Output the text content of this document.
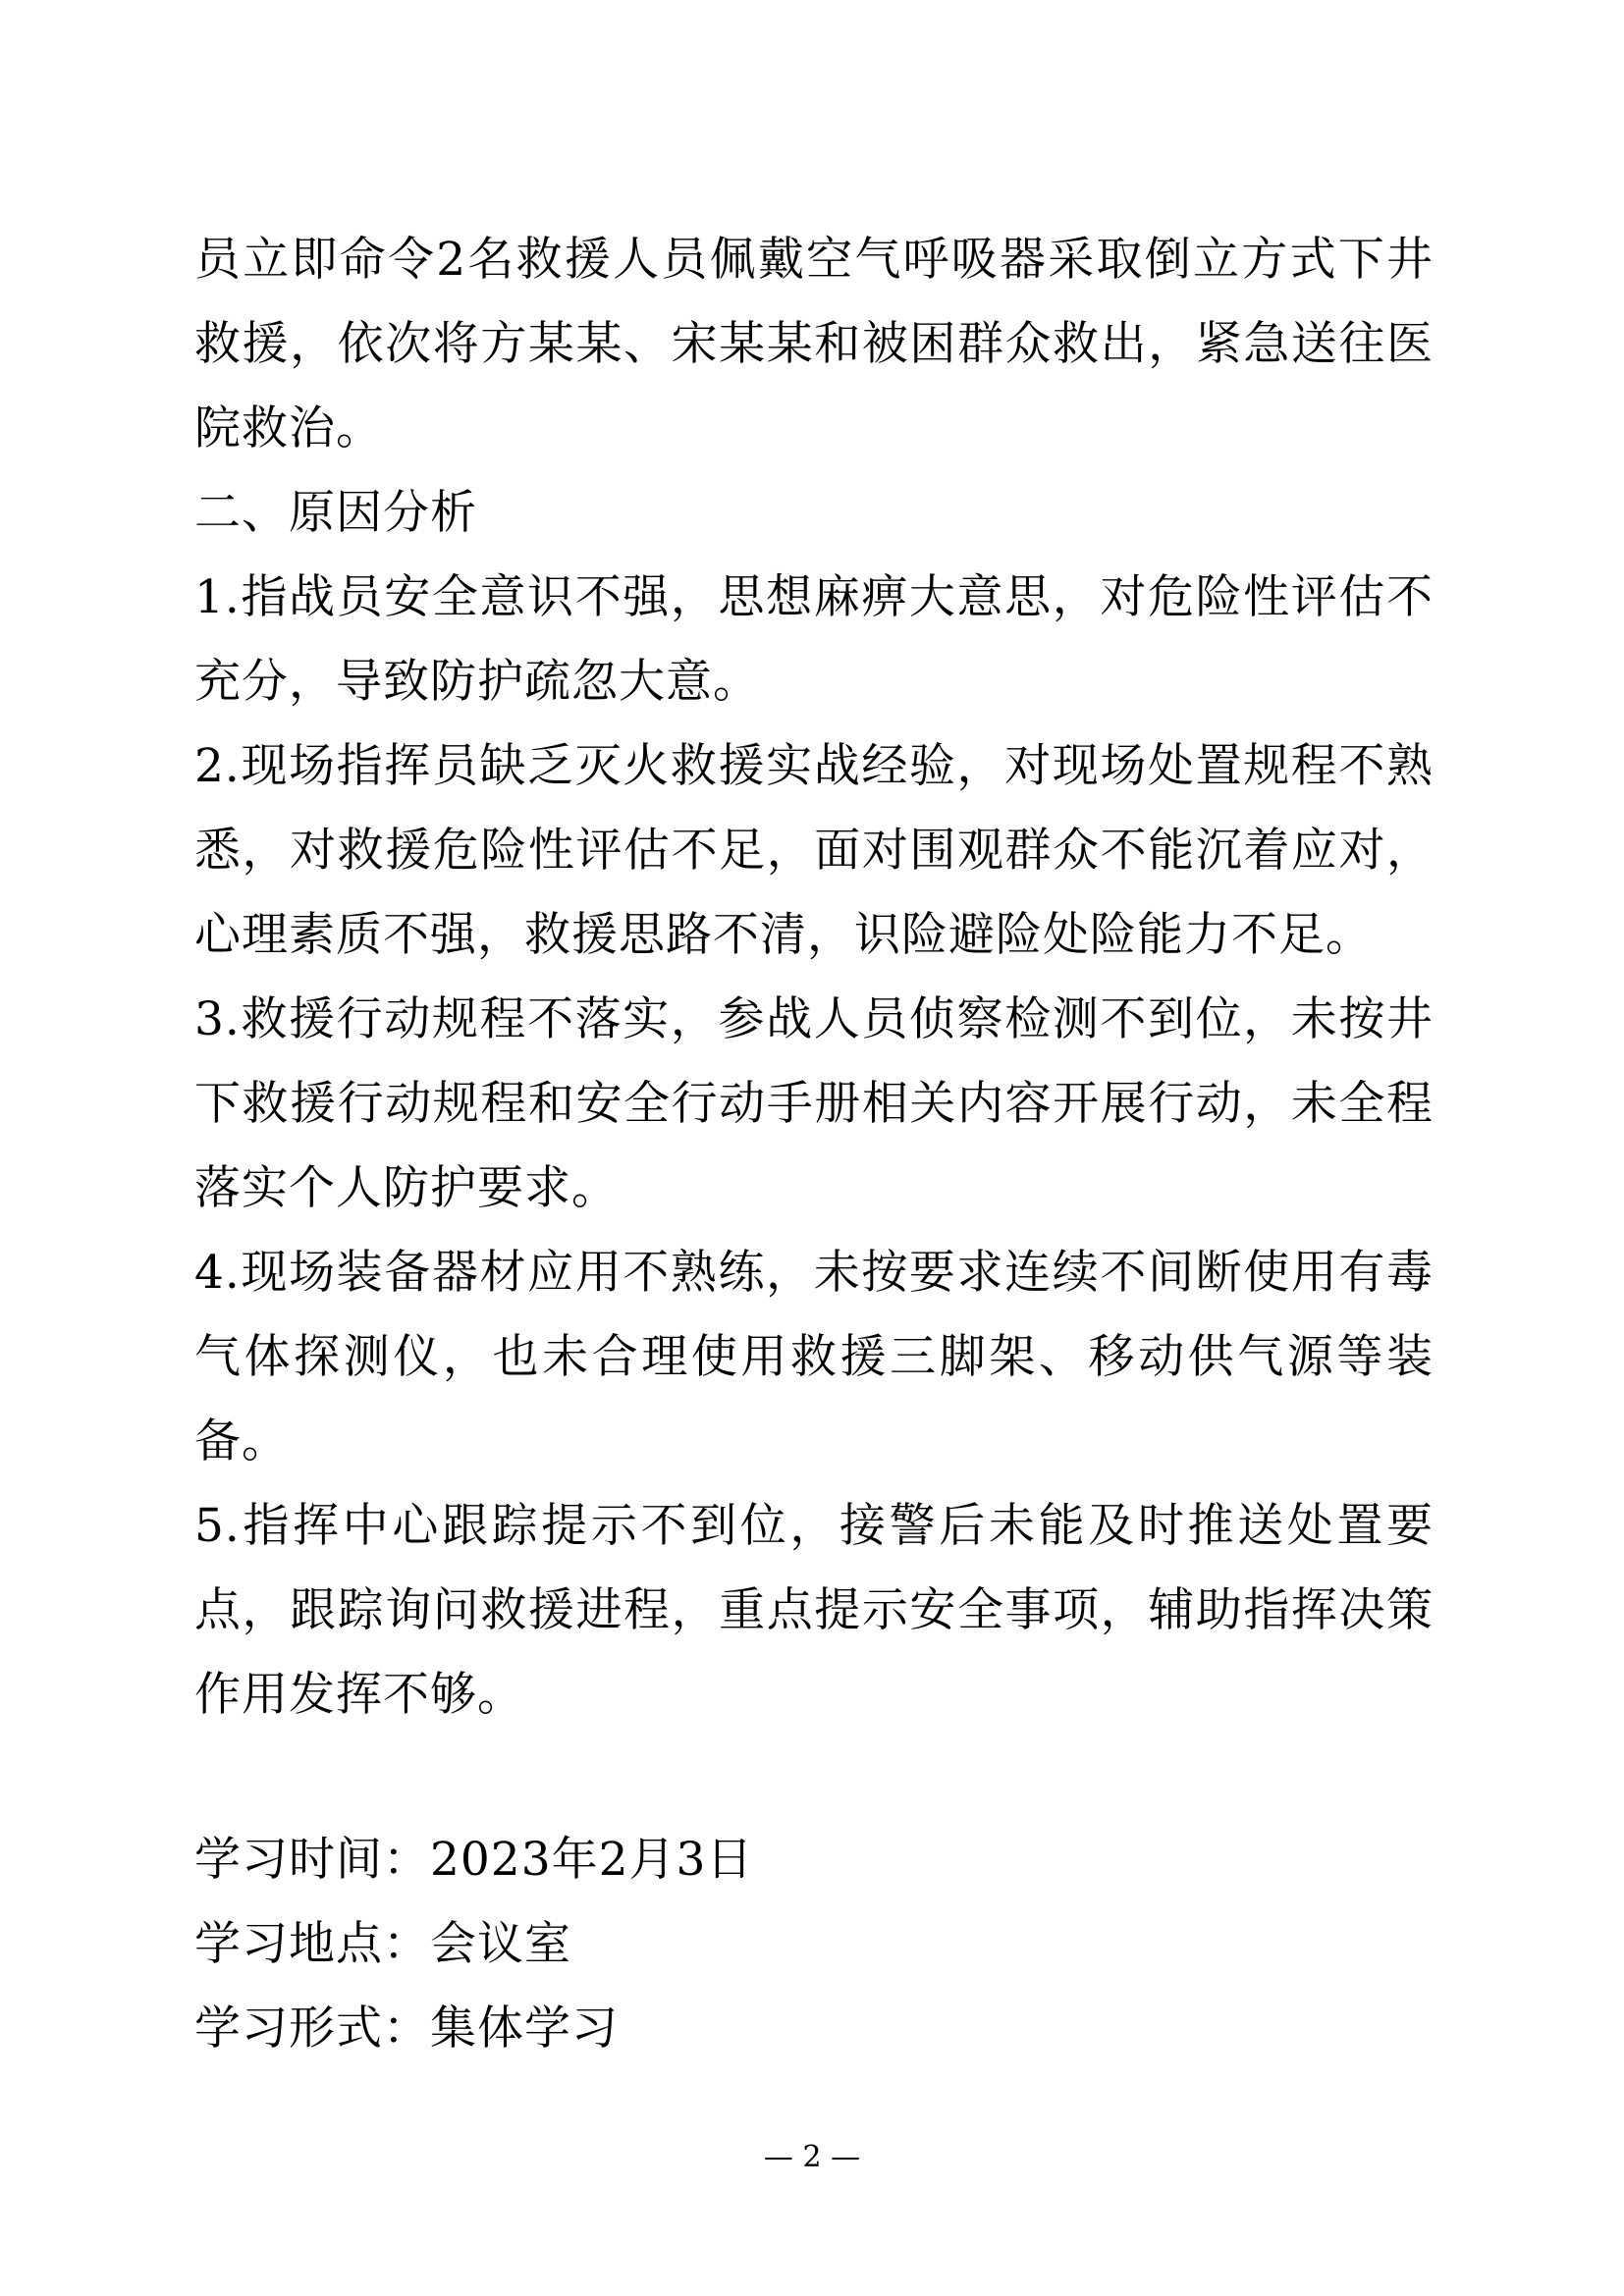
员立即命令2名救援人员佩戴空气呼吸器采取倒立方式下井救援，依次将方某某、宋某某和被困群众救出，紧急送往医院救治。

二、原因分析

1.指战员安全意识不强，思想麻痹大意思，对危险性评估不充分，导致防护疏忽大意。

2.现场指挥员缺乏灭火救援实战经验，对现场处置规程不熟悉，对救援危险性评估不足，面对围观群众不能沉着应对，心理素质不强，救援思路不清，识险避险处险能力不足。

3.救援行动规程不落实，参战人员侦察检测不到位，未按井下救援行动规程和安全行动手册相关内容开展行动，未全程落实个人防护要求。

4.现场装备器材应用不熟练，未按要求连续不间断使用有毒气体探测仪，也未合理使用救援三脚架、移动供气源等装备。

5.指挥中心跟踪提示不到位，接警后未能及时推送处置要点，跟踪询问救援进程，重点提示安全事项，辅助指挥决策作用发挥不够。

学习时间：2023年2月3日

学习地点：会议室

学习形式：集体学习

— 2 —
